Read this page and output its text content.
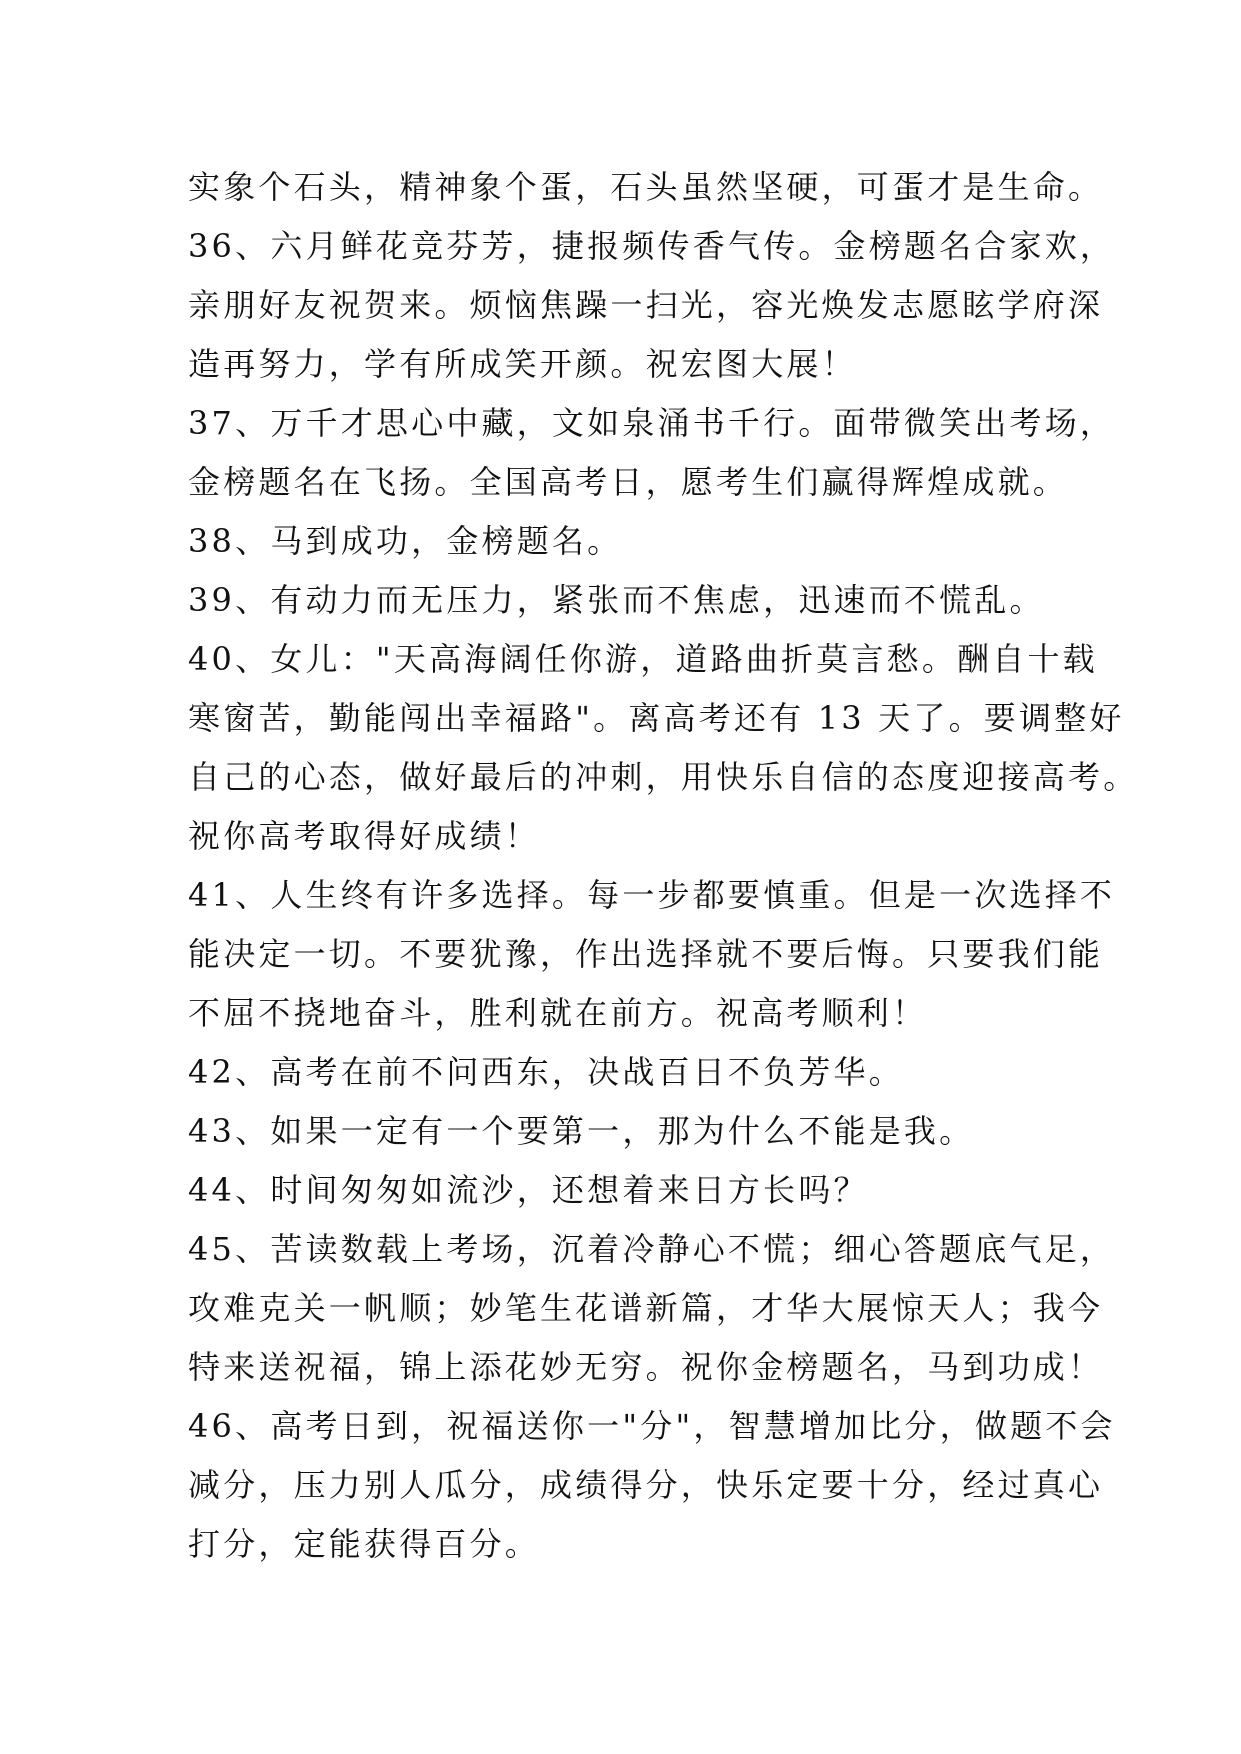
实象个石头，精神象个蛋，石头虽然坚硬，可蛋才是生命。
36、六月鲜花竞芬芳，捷报频传香气传。金榜题名合家欢，
亲朋好友祝贺来。烦恼焦躁一扫光，容光焕发志愿眩学府深
造再努力，学有所成笑开颜。祝宏图大展！
37、万千才思心中藏，文如泉涌书千行。面带微笑出考场，
金榜题名在飞扬。全国高考日，愿考生们赢得辉煌成就。
38、马到成功，金榜题名。
39、有动力而无压力，紧张而不焦虑，迅速而不慌乱。
40、女儿："天高海阔任你游，道路曲折莫言愁。酬自十载
寒窗苦，勤能闯出幸福路"。离高考还有 13 天了。要调整好
自己的心态，做好最后的冲刺，用快乐自信的态度迎接高考。
祝你高考取得好成绩！
41、人生终有许多选择。每一步都要慎重。但是一次选择不
能决定一切。不要犹豫，作出选择就不要后悔。只要我们能
不屈不挠地奋斗，胜利就在前方。祝高考顺利！
42、高考在前不问西东，决战百日不负芳华。
43、如果一定有一个要第一，那为什么不能是我。
44、时间匆匆如流沙，还想着来日方长吗？
45、苦读数载上考场，沉着冷静心不慌；细心答题底气足，
攻难克关一帆顺；妙笔生花谱新篇，才华大展惊天人；我今
特来送祝福，锦上添花妙无穷。祝你金榜题名，马到功成！
46、高考日到，祝福送你一"分"，智慧增加比分，做题不会
减分，压力别人瓜分，成绩得分，快乐定要十分，经过真心
打分，定能获得百分。
